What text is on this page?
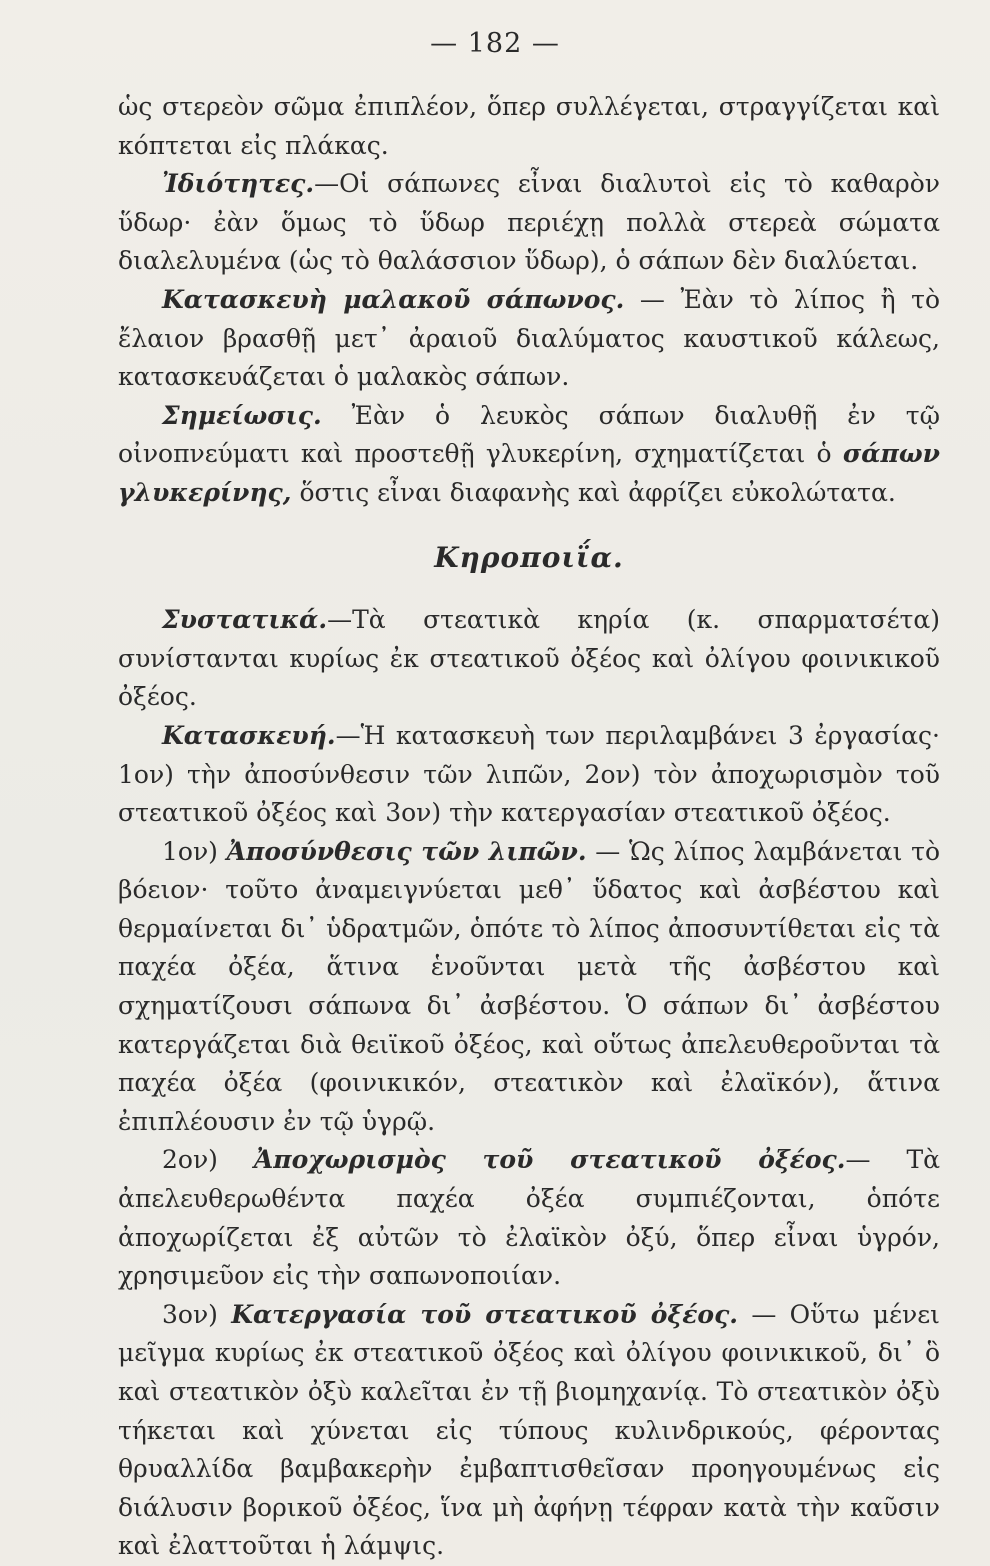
— 182 —

ὡς στερεὸν σῶμα ἐπιπλέον, ὅπερ συλλέγεται, στραγγίζεται καὶ κόπτεται εἰς πλάκας.

Ἰδιότητες.—Οἱ σάπωνες εἶναι διαλυτοὶ εἰς τὸ καθαρὸν ὕδωρ· ἐὰν ὅμως τὸ ὕδωρ περιέχῃ πολλὰ στερεὰ σώματα διαλελυμένα (ὡς τὸ θαλάσσιον ὕδωρ), ὁ σάπων δὲν διαλύεται.

Κατασκευὴ μαλακοῦ σάπωνος. — Ἐὰν τὸ λίπος ἢ τὸ ἔλαιον βρασθῇ μετ᾿ ἀραιοῦ διαλύματος καυστικοῦ κάλεως, κατασκευάζεται ὁ μαλακὸς σάπων.

Σημείωσις. Ἐὰν ὁ λευκὸς σάπων διαλυθῇ ἐν τῷ οἰνοπνεύματι καὶ προστεθῇ γλυκερίνη, σχηματίζεται ὁ σάπων γλυκερίνης, ὅστις εἶναι διαφανὴς καὶ ἀφρίζει εὐκολώτατα.

Κηροποιΐα.

Συστατικά.—Τὰ στεατικὰ κηρία (κ. σπαρματσέτα) συνίστανται κυρίως ἐκ στεατικοῦ ὀξέος καὶ ὀλίγου φοινικικοῦ ὀξέος.

Κατασκευή.—Ἡ κατασκευὴ των περιλαμβάνει 3 ἐργασίας· 1ον) τὴν ἀποσύνθεσιν τῶν λιπῶν, 2ον) τὸν ἀποχωρισμὸν τοῦ στεατικοῦ ὀξέος καὶ 3ον) τὴν κατεργασίαν στεατικοῦ ὀξέος.

1ον) Ἀποσύνθεσις τῶν λιπῶν. — Ὡς λίπος λαμβάνεται τὸ βόειον· τοῦτο ἀναμειγνύεται μεθ᾿ ὕδατος καὶ ἀσβέστου καὶ θερμαίνεται δι᾿ ὑδρατμῶν, ὁπότε τὸ λίπος ἀποσυντίθεται εἰς τὰ παχέα ὀξέα, ἅτινα ἑνοῦνται μετὰ τῆς ἀσβέστου καὶ σχηματίζουσι σάπωνα δι᾿ ἀσβέστου. Ὁ σάπων δι᾿ ἀσβέστου κατεργάζεται διὰ θειϊκοῦ ὀξέος, καὶ οὕτως ἀπελευθεροῦνται τὰ παχέα ὀξέα (φοινικικόν, στεατικὸν καὶ ἐλαϊκόν), ἅτινα ἐπιπλέουσιν ἐν τῷ ὑγρῷ.

2ον) Ἀποχωρισμὸς τοῦ στεατικοῦ ὀξέος.— Τὰ ἀπελευθερωθέντα παχέα ὀξέα συμπιέζονται, ὁπότε ἀποχωρίζεται ἐξ αὐτῶν τὸ ἐλαϊκὸν ὀξύ, ὅπερ εἶναι ὑγρόν, χρησιμεῦον εἰς τὴν σαπωνοποιίαν.

3ον) Κατεργασία τοῦ στεατικοῦ ὀξέος. — Οὕτω μένει μεῖγμα κυρίως ἐκ στεατικοῦ ὀξέος καὶ ὀλίγου φοινικικοῦ, δι᾿ ὃ καὶ στεατικὸν ὀξὺ καλεῖται ἐν τῇ βιομηχανίᾳ. Τὸ στεατικὸν ὀξὺ τήκεται καὶ χύνεται εἰς τύπους κυλινδρικούς, φέροντας θρυαλλίδα βαμβακερὴν ἐμβαπτισθεῖσαν προηγουμένως εἰς διάλυσιν βορικοῦ ὀξέος, ἵνα μὴ ἀφήνῃ τέφραν κατὰ τὴν καῦσιν καὶ ἐλαττοῦται ἡ λάμψις.
